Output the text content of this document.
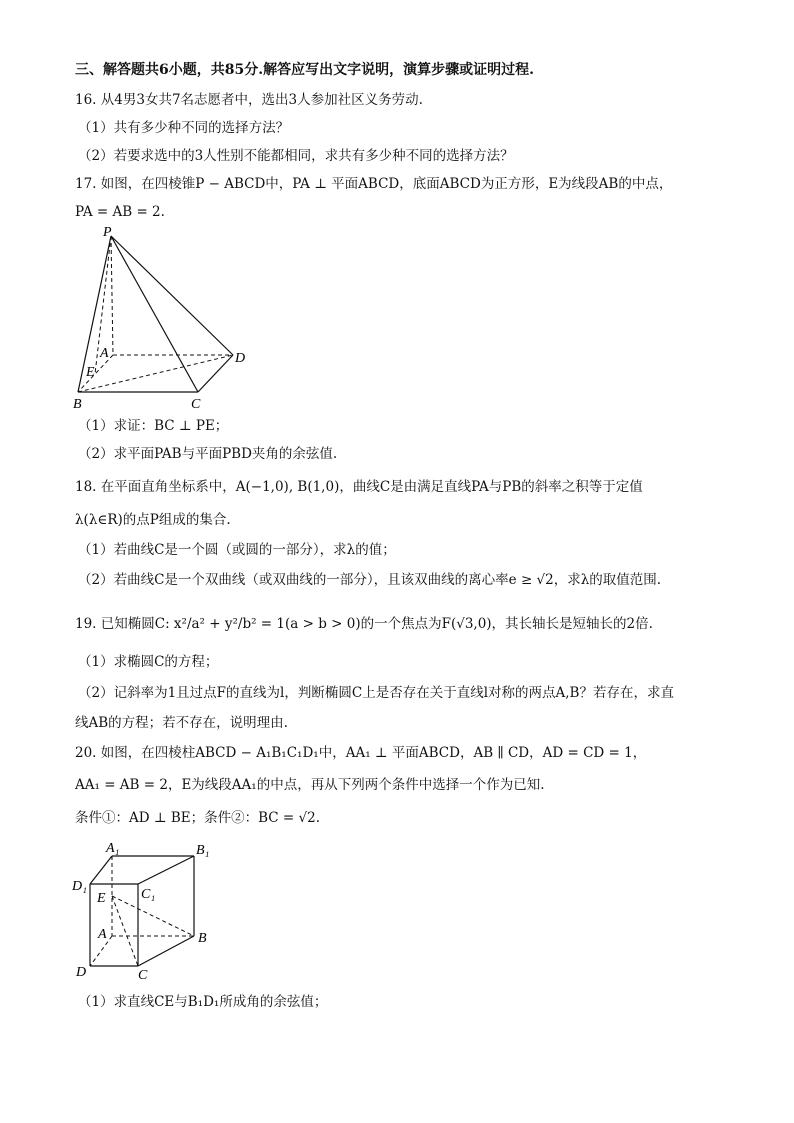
三、解答题共6小题，共85分.解答应写出文字说明，演算步骤或证明过程.
16. 从4男3女共7名志愿者中，选出3人参加社区义务劳动.
（1）共有多少种不同的选择方法？
（2）若要求选中的3人性别不能都相同，求共有多少种不同的选择方法？
17. 如图，在四棱锥P − ABCD中，PA ⊥ 平面ABCD，底面ABCD为正方形，E为线段AB的中点，
PA = AB = 2.
P
A	D
E
B	C
（1）求证：BC ⊥ PE；
（2）求平面PAB与平面PBD夹角的余弦值.
18. 在平面直角坐标系中，A(−1,0), B(1,0)，曲线C是由满足直线PA与PB的斜率之积等于定值
λ(λ∈R)的点P组成的集合.
（1）若曲线C是一个圆（或圆的一部分），求λ的值；
（2）若曲线C是一个双曲线（或双曲线的一部分），且该双曲线的离心率e ≥ √2，求λ的取值范围.
19. 已知椭圆C: x²/a² + y²/b² = 1(a > b > 0)的一个焦点为F(√3,0)，其长轴长是短轴长的2倍.
（1）求椭圆C的方程；
（2）记斜率为1且过点F的直线为l，判断椭圆C上是否存在关于直线l对称的两点A,B？若存在，求直
线AB的方程；若不存在，说明理由.
20. 如图，在四棱柱ABCD − A₁B₁C₁D₁中，AA₁ ⊥ 平面ABCD，AB ∥ CD，AD = CD = 1，
AA₁ = AB = 2，E为线段AA₁的中点，再从下列两个条件中选择一个作为已知.
条件①：AD ⊥ BE；条件②：BC = √2.
A₁	B₁
D₁
C₁
E
A	B
D	C
（1）求直线CE与B₁D₁所成角的余弦值；
